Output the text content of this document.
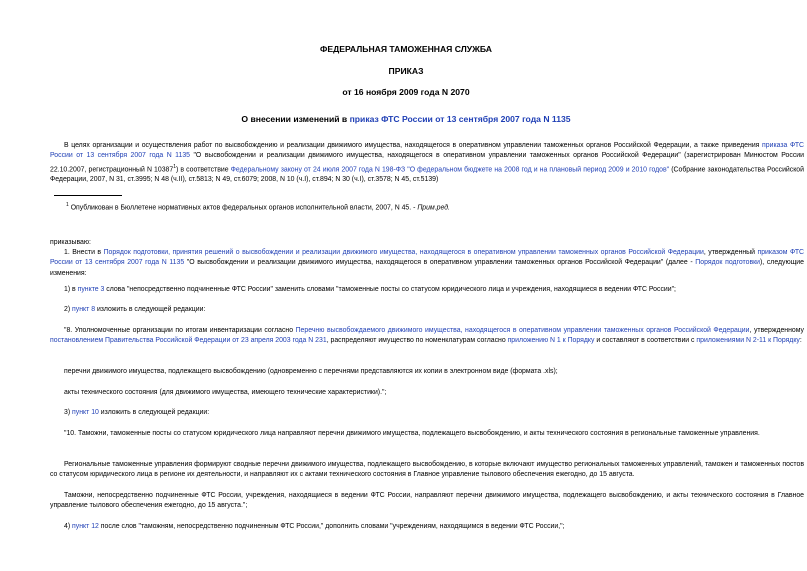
ФЕДЕРАЛЬНАЯ ТАМОЖЕННАЯ СЛУЖБА
ПРИКАЗ
от 16 ноября 2009 года N 2070
О внесении изменений в приказ ФТС России от 13 сентября 2007 года N 1135
В целях организации и осуществления работ по высвобождению и реализации движимого имущества, находящегося в оперативном управлении таможенных органов Российской Федерации, а также приведения приказа ФТС России от 13 сентября 2007 года N 1135 "О высвобождении и реализации движимого имущества, находящегося в оперативном управлении таможенных органов Российской Федерации" (зарегистрирован Минюстом России 22.10.2007, регистрационный N 10387$^1$) в соответствие Федеральному закону от 24 июля 2007 года N 198-ФЗ "О федеральном бюджете на 2008 год и на плановый период 2009 и 2010 годов" (Собрание законодательства Российской Федерации, 2007, N 31, ст.3995; N 48 (ч.II), ст.5813; N 49, ст.6079; 2008, N 10 (ч.I), ст.894; N 30 (ч.I), ст.3578; N 45, ст.5139)
$^1$ Опубликован в Бюллетене нормативных актов федеральных органов исполнительной власти, 2007, N 45. - Прим.ред.
приказываю:
1. Внести в Порядок подготовки, принятия решений о высвобождении и реализации движимого имущества, находящегося в оперативном управлении таможенных органов Российской Федерации, утвержденный приказом ФТС России от 13 сентября 2007 года N 1135 "О высвобождении и реализации движимого имущества, находящегося в оперативном управлении таможенных органов Российской Федерации" (далее - Порядок подготовки), следующие изменения:
1) в пункте 3 слова "непосредственно подчиненные ФТС России" заменить словами "таможенные посты со статусом юридического лица и учреждения, находящиеся в ведении ФТС России";
2) пункт 8 изложить в следующей редакции:
"8. Уполномоченные организации по итогам инвентаризации согласно Перечню высвобождаемого движимого имущества, находящегося в оперативном управлении таможенных органов Российской Федерации, утвержденному постановлением Правительства Российской Федерации от 23 апреля 2003 года N 231, распределяют имущество по номенклатурам согласно приложению N 1 к Порядку и составляют в соответствии с приложениями N 2-11 к Порядку:
перечни движимого имущества, подлежащего высвобождению (одновременно с перечнями представляются их копии в электронном виде (формата .xls);
акты технического состояния (для движимого имущества, имеющего технические характеристики).";
3) пункт 10 изложить в следующей редакции:
"10. Таможни, таможенные посты со статусом юридического лица направляют перечни движимого имущества, подлежащего высвобождению, и акты технического состояния в региональные таможенные управления.
Региональные таможенные управления формируют сводные перечни движимого имущества, подлежащего высвобождению, в которые включают имущество региональных таможенных управлений, таможен и таможенных постов со статусом юридического лица в регионе их деятельности, и направляют их с актами технического состояния в Главное управление тылового обеспечения ежегодно, до 15 августа.
Таможни, непосредственно подчиненные ФТС России, учреждения, находящиеся в ведении ФТС России, направляют перечни движимого имущества, подлежащего высвобождению, и акты технического состояния в Главное управление тылового обеспечения ежегодно, до 15 августа.";
4) пункт 12 после слов "таможням, непосредственно подчиненным ФТС России," дополнить словами "учреждениям, находящимся в ведении ФТС России,";
